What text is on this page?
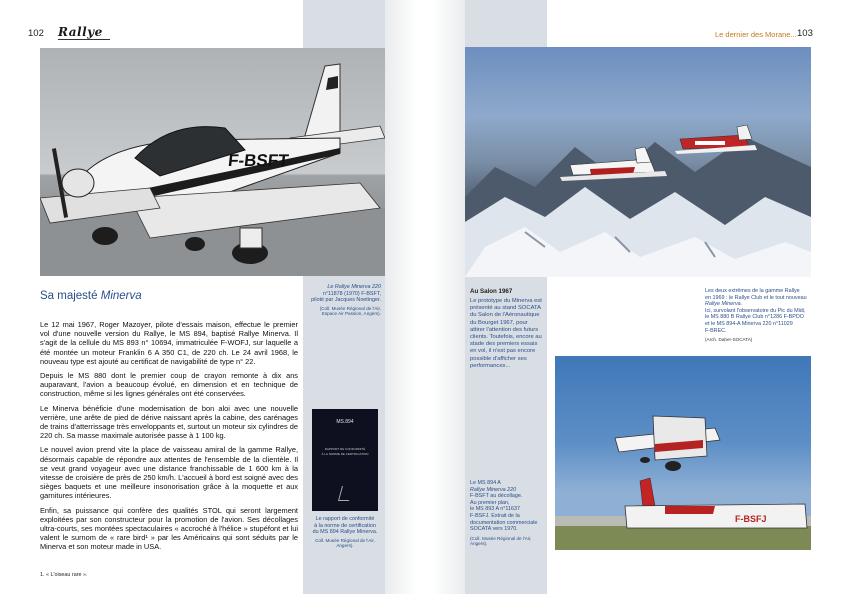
102 Rallye
F-BSFT
Le Rallye Minerva 220
n°11878 (1970) F-BSFT,
piloté par Jacques Noetinger.
(Coll. Musée Régional de l'Air, Espace Air Passion, Angers).
Sa majesté Minerva

Le 12 mai 1967, Roger Mazoyer, pilote d'essais maison, effectue le premier vol d'une nouvelle version du Rallye, le MS 894, baptisé Rallye Minerva. Il s'agit de la cellule du MS 893 n° 10694, immatriculée F-WOFJ, sur laquelle a été montée un moteur Franklin 6 A 350 C1, de 220 ch. Le 24 avril 1968, le nouveau type est ajouté au certificat de navigabilité de type n° 22.

Depuis le MS 880 dont le premier coup de crayon remonte à dix ans auparavant, l'avion a beaucoup évolué, en dimension et en technique de construction, même si les lignes générales ont été conservées.

Le Minerva bénéficie d'une modernisation de bon aloi avec une nouvelle verrière, une arête de pied de dérive naissant après la cabine, des carénages de trains d'atterrissage très enveloppants et, surtout un moteur six cylindres de 220 ch. Sa masse maximale autorisée passe à 1 100 kg.

Le nouvel avion prend vite la place de vaisseau amiral de la gamme Rallye, désormais capable de répondre aux attentes de l'ensemble de la clientèle. Il se veut grand voyageur avec une distance franchissable de 1 600 km à la vitesse de croisière de près de 250 km/h. L'accueil à bord est soigné avec des sièges baquets et une meilleure insonorisation grâce à la moquette et aux garnitures intérieures.

Enfin, sa puissance qui confère des qualités STOL qui seront largement exploitées par son constructeur pour la promotion de l'avion. Ses décollages ultra-courts, ses montées spectaculaires « accroché à l'hélice » stupéfont et lui valent le surnom de « rare bird¹ » par les Américains qui sont séduits par le Minerva et son moteur made in USA.

1. « L'oiseau rare ».
MS.894
RAPPORT DE CONFORMITÉ
À LA NORME DE CERTIFICATION
Le rapport de conformité
à la norme de certification
du MS 894 Rallye Minerva.
Coll. Musée Régional de l'Air, Angers).
Le dernier des Morane... 103
Au Salon 1967
Le prototype du Minerva est présenté au stand SOCATA du Salon de l'Aéronautique du Bourget 1967, pour attirer l'attention des futurs clients. Toutefois, encore au stade des premiers essais en vol, il n'est pas encore possible d'afficher ses performances...
Les deux extrêmes de la gamme Rallye
en 1969 : le Rallye Club et le tout nouveau
Rallye Minerva.
Ici, survolant l'observatoire du Pic du Midi,
le MS 880 B Rallye Club n°1286 F-BPDO
et le MS 894-A Minerva 220 n°11029
F-BREC.
(Arch. Daher-SOCATA)
F-BSFJ
Le MS 894 A
Rallye Minerva 220
F-BSFT au décollage.
Au premier plan,
le MS 893 A n°11637
F-BSFJ. Extrait de la
documentation commerciale
SOCATA vers 1970.
(Coll. Musée Régional de l'Air, Angers).
